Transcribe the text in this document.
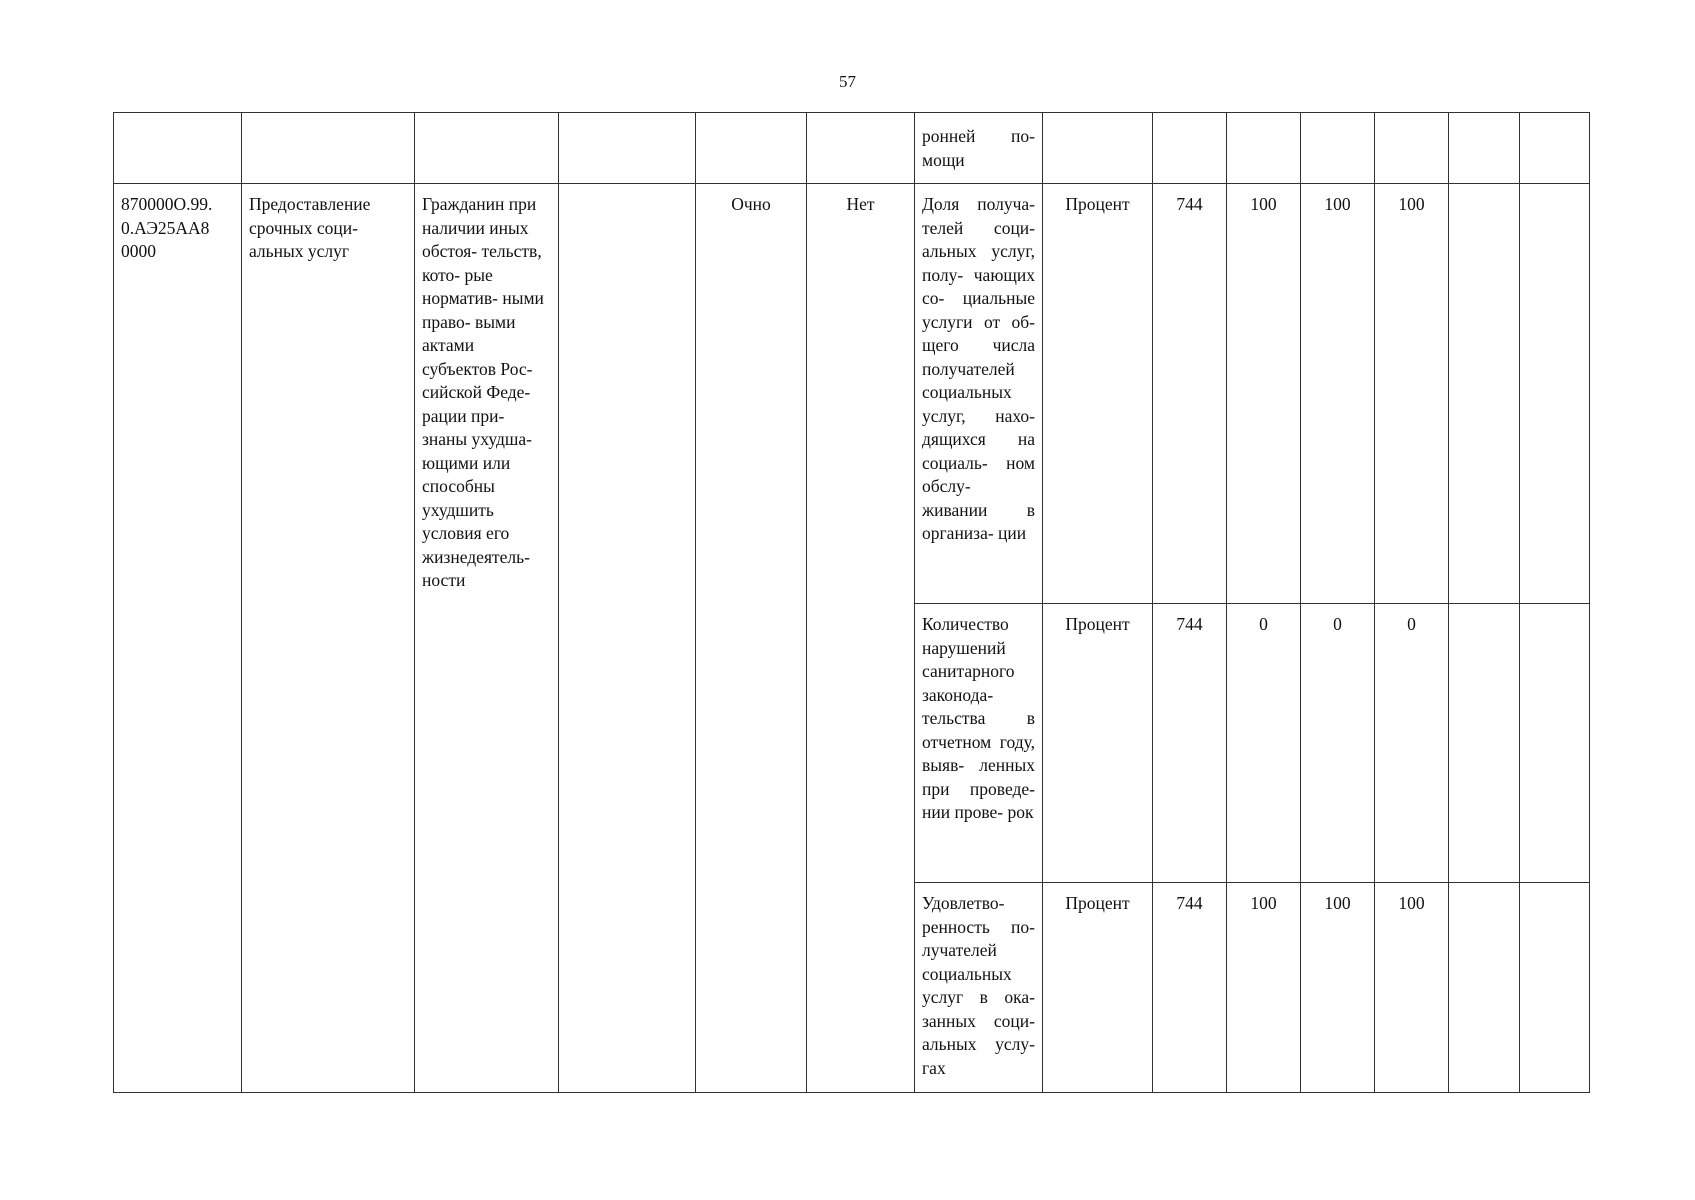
57

						ронней по- мощи							

870000О.99. 0.АЭ25АА8 0000	Предоставление срочных соци- альных услуг	Гражданин при наличии иных обстоя- тельств, кото- рые норматив- ными право- выми актами субъектов Рос- сийской Феде- рации при- знаны ухудша- ющими или способны ухудшить условия его жизнедеятель- ности		Очно	Нет	Доля получа- телей соци- альных услуг, полу- чающих со- циальные услуги от об- щего числа получателей социальных услуг, нахо- дящихся на социаль- ном обслу- живании в организа- ции	Процент	744	100	100	100		
						Количество нарушений санитарного законода- тельства в отчетном году, выяв- ленных при проведе- нии прове- рок	Процент	744	0	0	0		
						Удовлетво- ренность по- лучателей социальных услуг в ока- занных соци- альных услу- гах	Процент	744	100	100	100		
